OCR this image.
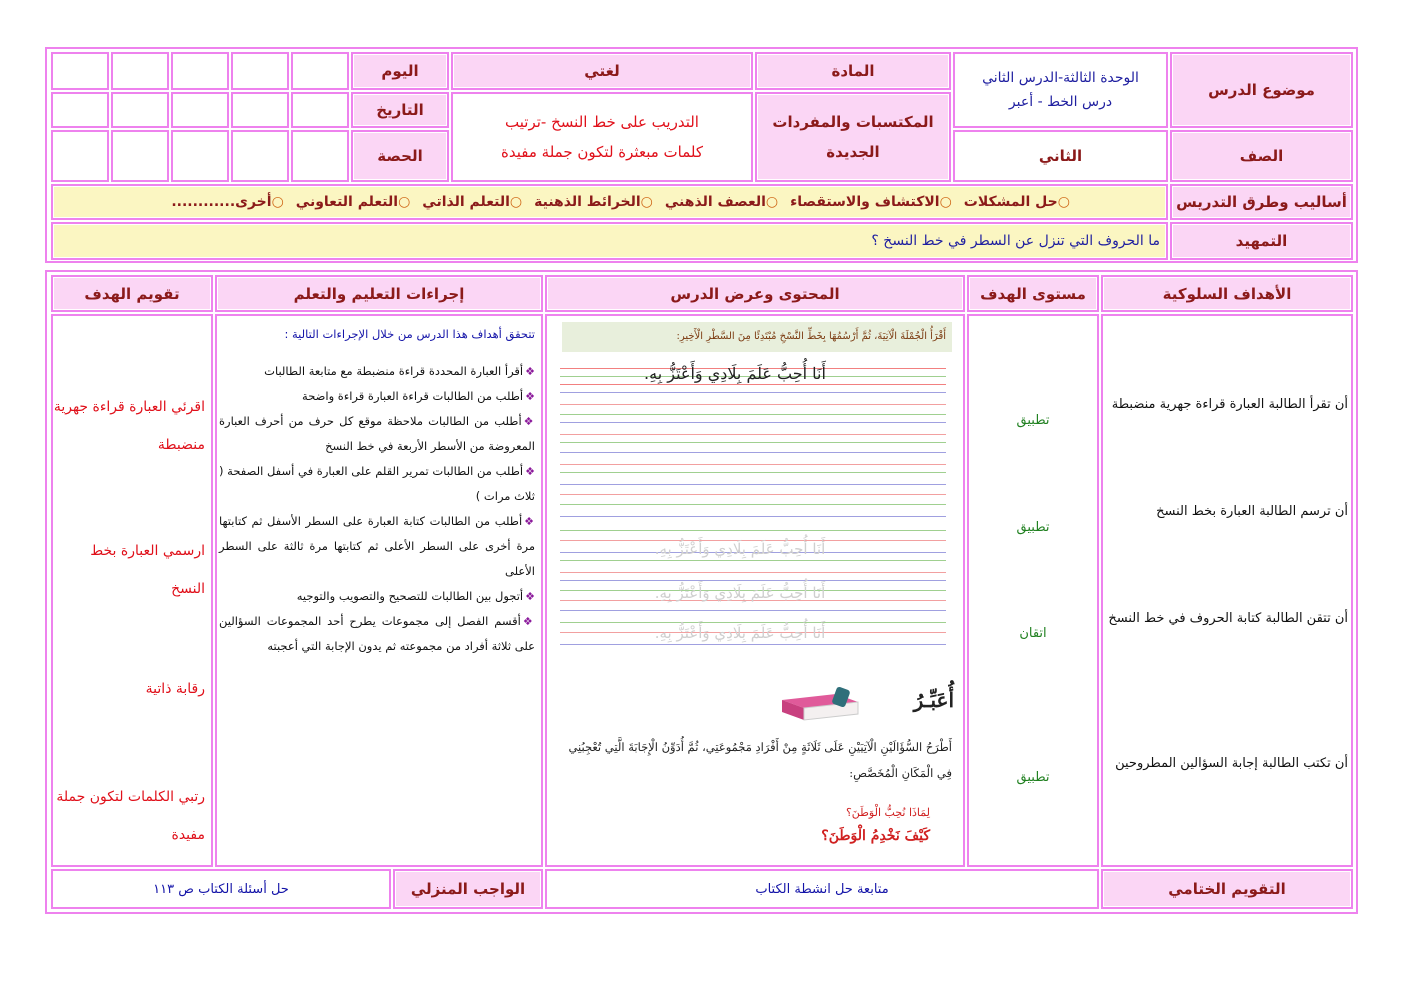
موضوع الدرس
الوحدة الثالثة-الدرس الثاني
درس الخط - أعبر
المادة
لغتي
اليوم
المكتسبات والمفردات الجديدة
التدريب على خط النسخ -ترتيب
كلمات مبعثرة لتكون جملة مفيدة
التاريخ
الصف
الثاني
الحصة
أساليب وطرق التدريس
○حل المشكلات
○الاكتشاف والاستقصاء
○العصف الذهني
○الخرائط الذهنية
○التعلم الذاتي
○التعلم التعاوني
○أخرى............
التمهيد
ما الحروف التي تنزل عن السطر في خط النسخ ؟
الأهداف السلوكية
مستوى الهدف
المحتوى وعرض الدرس
إجراءات التعليم والتعلم
تقويم الهدف
أن تقرأ الطالبة العبارة قراءة جهرية منضبطة
أن ترسم الطالبة العبارة بخط النسخ
أن تتقن الطالبة كتابة الحروف في خط النسخ
أن تكتب الطالبة إجابة السؤالين المطروحين
تطبيق
تطبيق
اتقان
تطبيق
أَقْرَأُ الْجُمْلَةَ الْآتِيَةَ، ثُمَّ أَرْسُمُهَا بِخَطِّ النَّسْخِ مُبْتَدِئًا مِنَ السَّطْرِ الْأَخِيرِ:
أَنَا أُحِبُّ عَلَمَ بِلَادِي وَأَعْتَزُّ بِهِ.
أَنَا أُحِبُّ عَلَمَ بِلَادِي وَأَعْتَزُّ بِهِ.
أَنَا أُحِبُّ عَلَمَ بِلَادِي وَأَعْتَزُّ بِهِ.
أَنَا أُحِبُّ عَلَمَ بِلَادِي وَأَعْتَزُّ بِهِ.
أُعَبِّـرُ
أَطْرَحُ السُّؤَالَيْنِ الْآتِيَيْنِ عَلَى ثَلَاثَةٍ مِنْ أَفْرَادِ مَجْمُوعَتِي، ثُمَّ أُدَوِّنُ الْإِجَابَةَ الَّتِي تُعْجِبُنِي فِي الْمَكَانِ الْمُخَصَّصِ:
لِمَاذَا نُحِبُّ الْوَطَنَ؟
كَيْفَ نَخْدِمُ الْوَطَنَ؟
تتحقق أهداف هذا الدرس من خلال الإجراءات التالية :
❖أقرأ العبارة المحددة قراءة منضبطة مع متابعة الطالبات
❖أطلب من الطالبات قراءة العبارة قراءة واضحة
❖أطلب من الطالبات ملاحظة موقع كل حرف من أحرف العبارة المعروضة من الأسطر الأربعة في خط النسخ
❖أطلب من الطالبات تمرير القلم على العبارة في أسفل الصفحة ( ثلاث مرات )
❖أطلب من الطالبات كتابة العبارة على السطر الأسفل ثم كتابتها مرة أخرى على السطر الأعلى ثم كتابتها مرة ثالثة على السطر الأعلى
❖أتجول بين الطالبات للتصحيح والتصويب والتوجيه
❖أقسم الفصل إلى مجموعات يطرح أحد المجموعات السؤالين على ثلاثة أفراد من مجموعته ثم يدون الإجابة التي أعجبته
اقرئي العبارة قراءة جهرية منضبطة
ارسمي العبارة بخط النسخ
رقابة ذاتية
رتبي الكلمات لتكون جملة مفيدة
التقويم الختامي
متابعة حل انشطة الكتاب
الواجب المنزلي
حل أسئلة الكتاب ص ١١٣
